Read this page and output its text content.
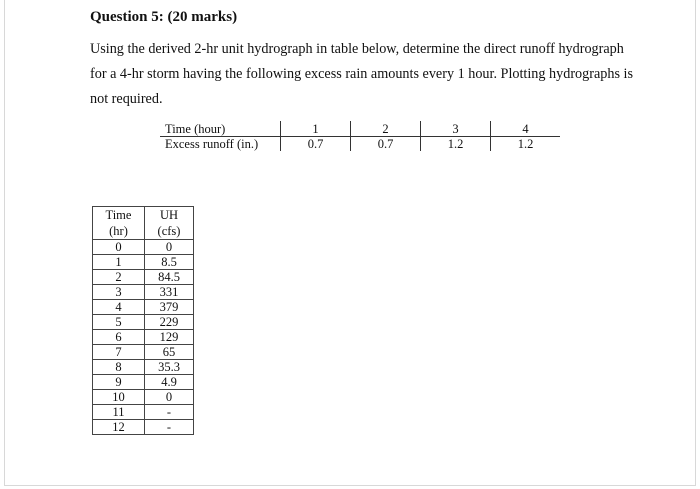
Question 5: (20 marks)
Using the derived 2-hr unit hydrograph in table below, determine the direct runoff hydrograph for a 4-hr storm having the following excess rain amounts every 1 hour. Plotting hydrographs is not required.
Time (hour)	1	2	3	4
Excess runoff (in.)	0.7	0.7	1.2	1.2
Time	UH
(hr)	(cfs)
0	0
1	8.5
2	84.5
3	331
4	379
5	229
6	129
7	65
8	35.3
9	4.9
10	0
11	-
12	-
